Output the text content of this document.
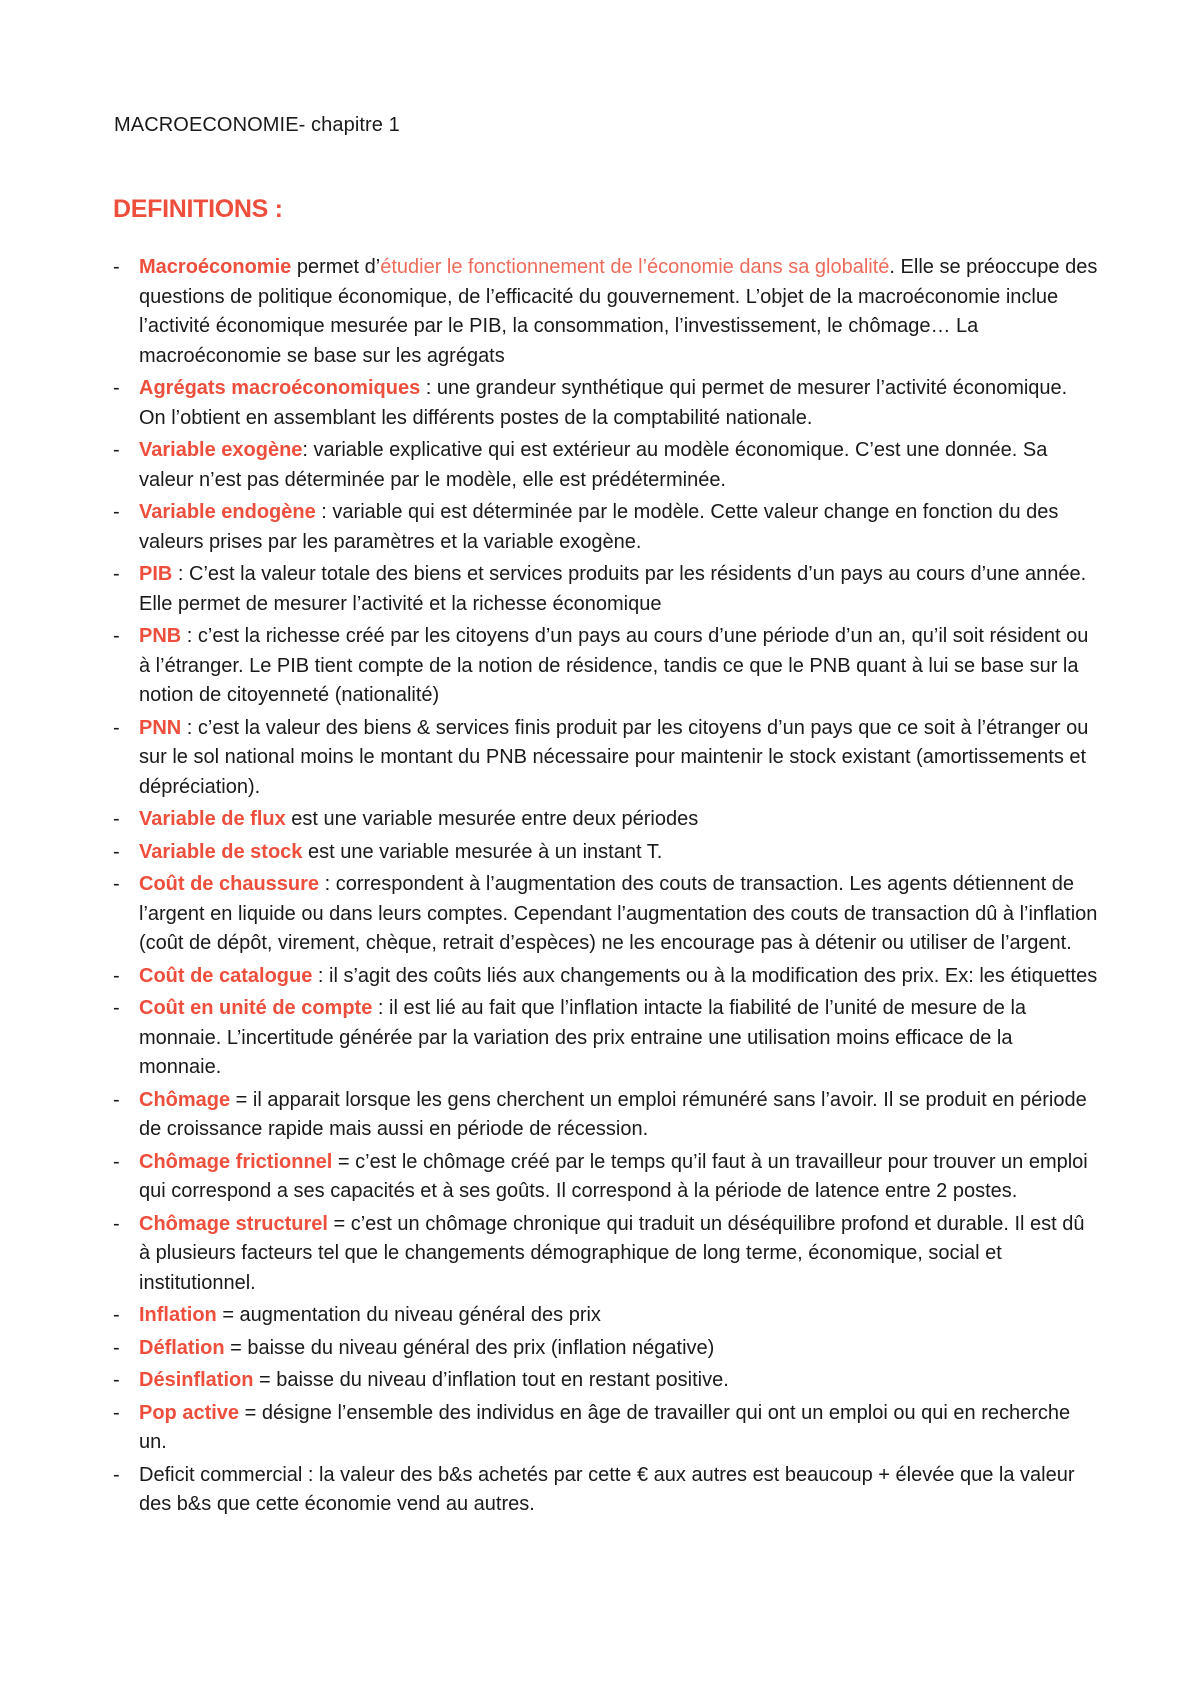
MACROECONOMIE- chapitre 1
DEFINITIONS :
- Macroéconomie permet d’étudier le fonctionnement de l’économie dans sa globalité. Elle se préoccupe des questions de politique économique, de l’efficacité du gouvernement. L’objet de la macroéconomie inclue l’activité économique mesurée par le PIB, la consommation, l’investissement, le chômage… La macroéconomie se base sur les agrégats
- Agrégats macroéconomiques : une grandeur synthétique qui permet de mesurer l’activité économique. On l’obtient en assemblant les différents postes de la comptabilité nationale.
- Variable exogène: variable explicative qui est extérieur au modèle économique. C’est une donnée. Sa valeur n’est pas déterminée par le modèle, elle est prédéterminée.
- Variable endogène : variable qui est déterminée par le modèle. Cette valeur change en fonction du des valeurs prises par les paramètres et la variable exogène.
- PIB : C’est la valeur totale des biens et services produits par les résidents d’un pays au cours d’une année. Elle permet de mesurer l’activité et la richesse économique
- PNB : c’est la richesse créé par les citoyens d’un pays au cours d’une période d’un an, qu’il soit résident ou à l’étranger. Le PIB tient compte de la notion de résidence, tandis ce que le PNB quant à lui se base sur la notion de citoyenneté (nationalité)
- PNN : c’est la valeur des biens & services finis produit par les citoyens d’un pays que ce soit à l’étranger ou sur le sol national moins le montant du PNB nécessaire pour maintenir le stock existant (amortissements et dépréciation).
- Variable de flux est une variable mesurée entre deux périodes
- Variable de stock est une variable mesurée à un instant T.
- Coût de chaussure : correspondent à l’augmentation des couts de transaction. Les agents détiennent de l’argent en liquide ou dans leurs comptes. Cependant l’augmentation des couts de transaction dû à l’inflation (coût de dépôt, virement, chèque, retrait d’espèces) ne les encourage pas à détenir ou utiliser de l’argent.
- Coût de catalogue : il s’agit des coûts liés aux changements ou à la modification des prix. Ex: les étiquettes
- Coût en unité de compte : il est lié au fait que l’inflation intacte la fiabilité de l’unité de mesure de la monnaie. L’incertitude générée par la variation des prix entraine une utilisation moins efficace de la monnaie.
- Chômage = il apparait lorsque les gens cherchent un emploi rémunéré sans l’avoir. Il se produit en période de croissance rapide mais aussi en période de récession.
- Chômage frictionnel = c’est le chômage créé par le temps qu’il faut à un travailleur pour trouver un emploi qui correspond a ses capacités et à ses goûts. Il correspond à la période de latence entre 2 postes.
- Chômage structurel = c’est un chômage chronique qui traduit un déséquilibre profond et durable. Il est dû à plusieurs facteurs tel que le changements démographique de long terme, économique, social et institutionnel.
- Inflation = augmentation du niveau général des prix
- Déflation = baisse du niveau général des prix (inflation négative)
- Désinflation = baisse du niveau d’inflation tout en restant positive.
- Pop active = désigne l’ensemble des individus en âge de travailler qui ont un emploi ou qui en recherche un.
- Deficit commercial : la valeur des b&s achetés par cette € aux autres est beaucoup + élevée que la valeur des b&s que cette économie vend au autres.
